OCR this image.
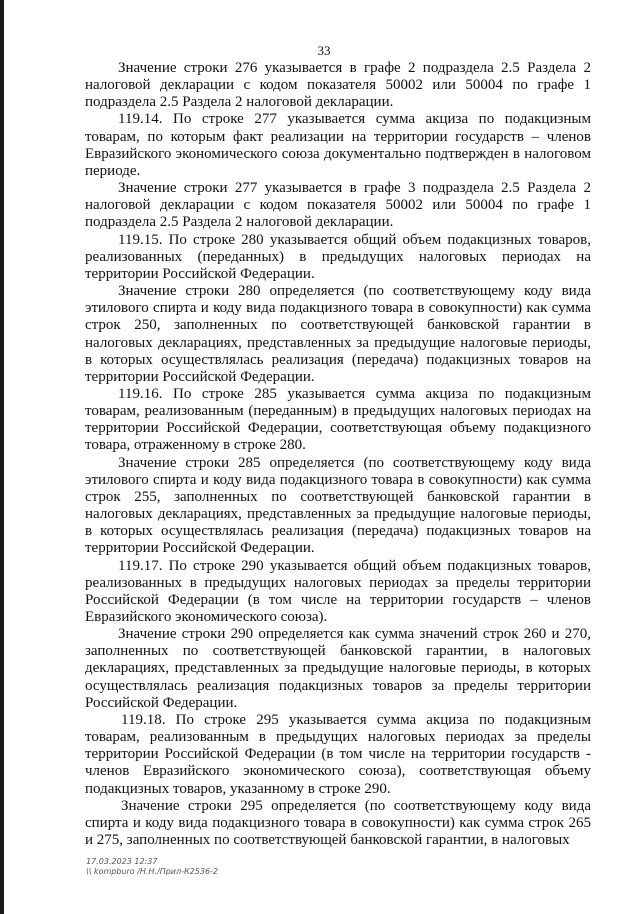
33

Значение строки 276 указывается в графе 2 подраздела 2.5 Раздела 2 налоговой декларации с кодом показателя 50002 или 50004 по графе 1 подраздела 2.5 Раздела 2 налоговой декларации.

119.14. По строке 277 указывается сумма акциза по подакцизным товарам, по которым факт реализации на территории государств – членов Евразийского экономического союза документально подтвержден в налоговом периоде.

Значение строки 277 указывается в графе 3 подраздела 2.5 Раздела 2 налоговой декларации с кодом показателя 50002 или 50004 по графе 1 подраздела 2.5 Раздела 2 налоговой декларации.

119.15. По строке 280 указывается общий объем подакцизных товаров, реализованных (переданных) в предыдущих налоговых периодах на территории Российской Федерации.

Значение строки 280 определяется (по соответствующему коду вида этилового спирта и коду вида подакцизного товара в совокупности) как сумма строк 250, заполненных по соответствующей банковской гарантии в налоговых декларациях, представленных за предыдущие налоговые периоды, в которых осуществлялась реализация (передача) подакцизных товаров на территории Российской Федерации.

119.16. По строке 285 указывается сумма акциза по подакцизным товарам, реализованным (переданным) в предыдущих налоговых периодах на территории Российской Федерации, соответствующая объему подакцизного товара, отраженному в строке 280.

Значение строки 285 определяется (по соответствующему коду вида этилового спирта и коду вида подакцизного товара в совокупности) как сумма строк 255, заполненных по соответствующей банковской гарантии в налоговых декларациях, представленных за предыдущие налоговые периоды, в которых осуществлялась реализация (передача) подакцизных товаров на территории Российской Федерации.

119.17. По строке 290 указывается общий объем подакцизных товаров, реализованных в предыдущих налоговых периодах за пределы территории Российской Федерации (в том числе на территории государств – членов Евразийского экономического союза).

Значение строки 290 определяется как сумма значений строк 260 и 270, заполненных по соответствующей банковской гарантии, в налоговых декларациях, представленных за предыдущие налоговые периоды, в которых осуществлялась реализация подакцизных товаров за пределы территории Российской Федерации.

119.18. По строке 295 указывается сумма акциза по подакцизным товарам, реализованным в предыдущих налоговых периодах за пределы территории Российской Федерации (в том числе на территории государств - членов Евразийского экономического союза), соответствующая объему подакцизных товаров, указанному в строке 290.

Значение строки 295 определяется (по соответствующему коду вида спирта и коду вида подакцизного товара в совокупности) как сумма строк 265 и 275, заполненных по соответствующей банковской гарантии, в налоговых

17.03.2023 12:37
\\ kompburo /Н.Н./Прил-К2536-2
